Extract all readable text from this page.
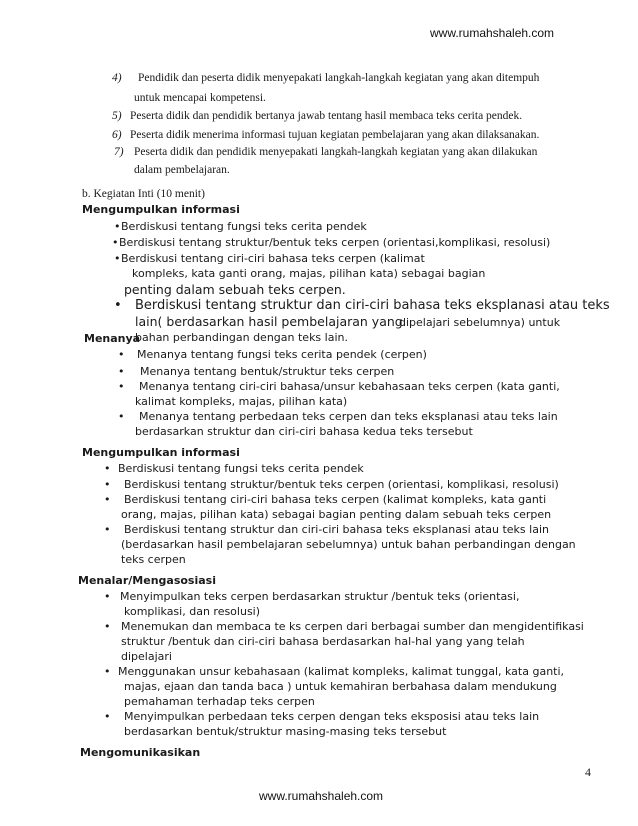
www.rumahshaleh.com
4) Pendidik dan peserta didik menyepakati langkah-langkah kegiatan yang akan ditempuh
untuk mencapai kompetensi.
5) Peserta didik dan pendidik bertanya jawab tentang hasil membaca teks cerita pendek.
6) Peserta didik menerima informasi tujuan kegiatan pembelajaran yang akan dilaksanakan.
7) Peserta didik dan pendidik menyepakati langkah-langkah kegiatan yang akan dilakukan
dalam pembelajaran.
b. Kegiatan Inti (10 menit)
Mengumpulkan informasi
• Berdiskusi tentang fungsi teks cerita pendek
• Berdiskusi tentang struktur/bentuk teks cerpen (orientasi,komplikasi, resolusi)
• Berdiskusi tentang ciri-ciri bahasa teks cerpen (kalimat
kompleks, kata ganti orang, majas, pilihan kata) sebagai bagian
penting dalam sebuah teks cerpen.
• Berdiskusi tentang struktur dan ciri-ciri bahasa teks eksplanasi atau teks
lain( berdasarkan hasil pembelajaran yang
dipelajari sebelumnya) untuk
bahan perbandingan dengan teks lain.
Menanya
• Menanya tentang fungsi teks cerita pendek (cerpen)
• Menanya tentang bentuk/struktur teks cerpen
• Menanya tentang ciri-ciri bahasa/unsur kebahasaan teks cerpen (kata ganti,
kalimat kompleks, majas, pilihan kata)
• Menanya tentang perbedaan teks cerpen dan teks eksplanasi atau teks lain
berdasarkan struktur dan ciri-ciri bahasa kedua teks tersebut
Mengumpulkan informasi
• Berdiskusi tentang fungsi teks cerita pendek
• Berdiskusi tentang struktur/bentuk teks cerpen (orientasi, komplikasi, resolusi)
• Berdiskusi tentang ciri-ciri bahasa teks cerpen (kalimat kompleks, kata ganti
orang, majas, pilihan kata) sebagai bagian penting dalam sebuah teks cerpen
• Berdiskusi tentang struktur dan ciri-ciri bahasa teks eksplanasi atau teks lain
(berdasarkan hasil pembelajaran sebelumnya) untuk bahan perbandingan dengan
teks cerpen
Menalar/Mengasosiasi
• Menyimpulkan teks cerpen berdasarkan struktur /bentuk teks (orientasi,
komplikasi, dan resolusi)
• Menemukan dan membaca te ks cerpen dari berbagai sumber dan mengidentifikasi
struktur /bentuk dan ciri-ciri bahasa berdasarkan hal-hal yang yang telah
dipelajari
• Menggunakan unsur kebahasaan (kalimat kompleks, kalimat tunggal, kata ganti,
majas, ejaan dan tanda baca ) untuk kemahiran berbahasa dalam mendukung
pemahaman terhadap teks cerpen
• Menyimpulkan perbedaan teks cerpen dengan teks eksposisi atau teks lain
berdasarkan bentuk/struktur masing-masing teks tersebut
Mengomunikasikan
4
www.rumahshaleh.com
